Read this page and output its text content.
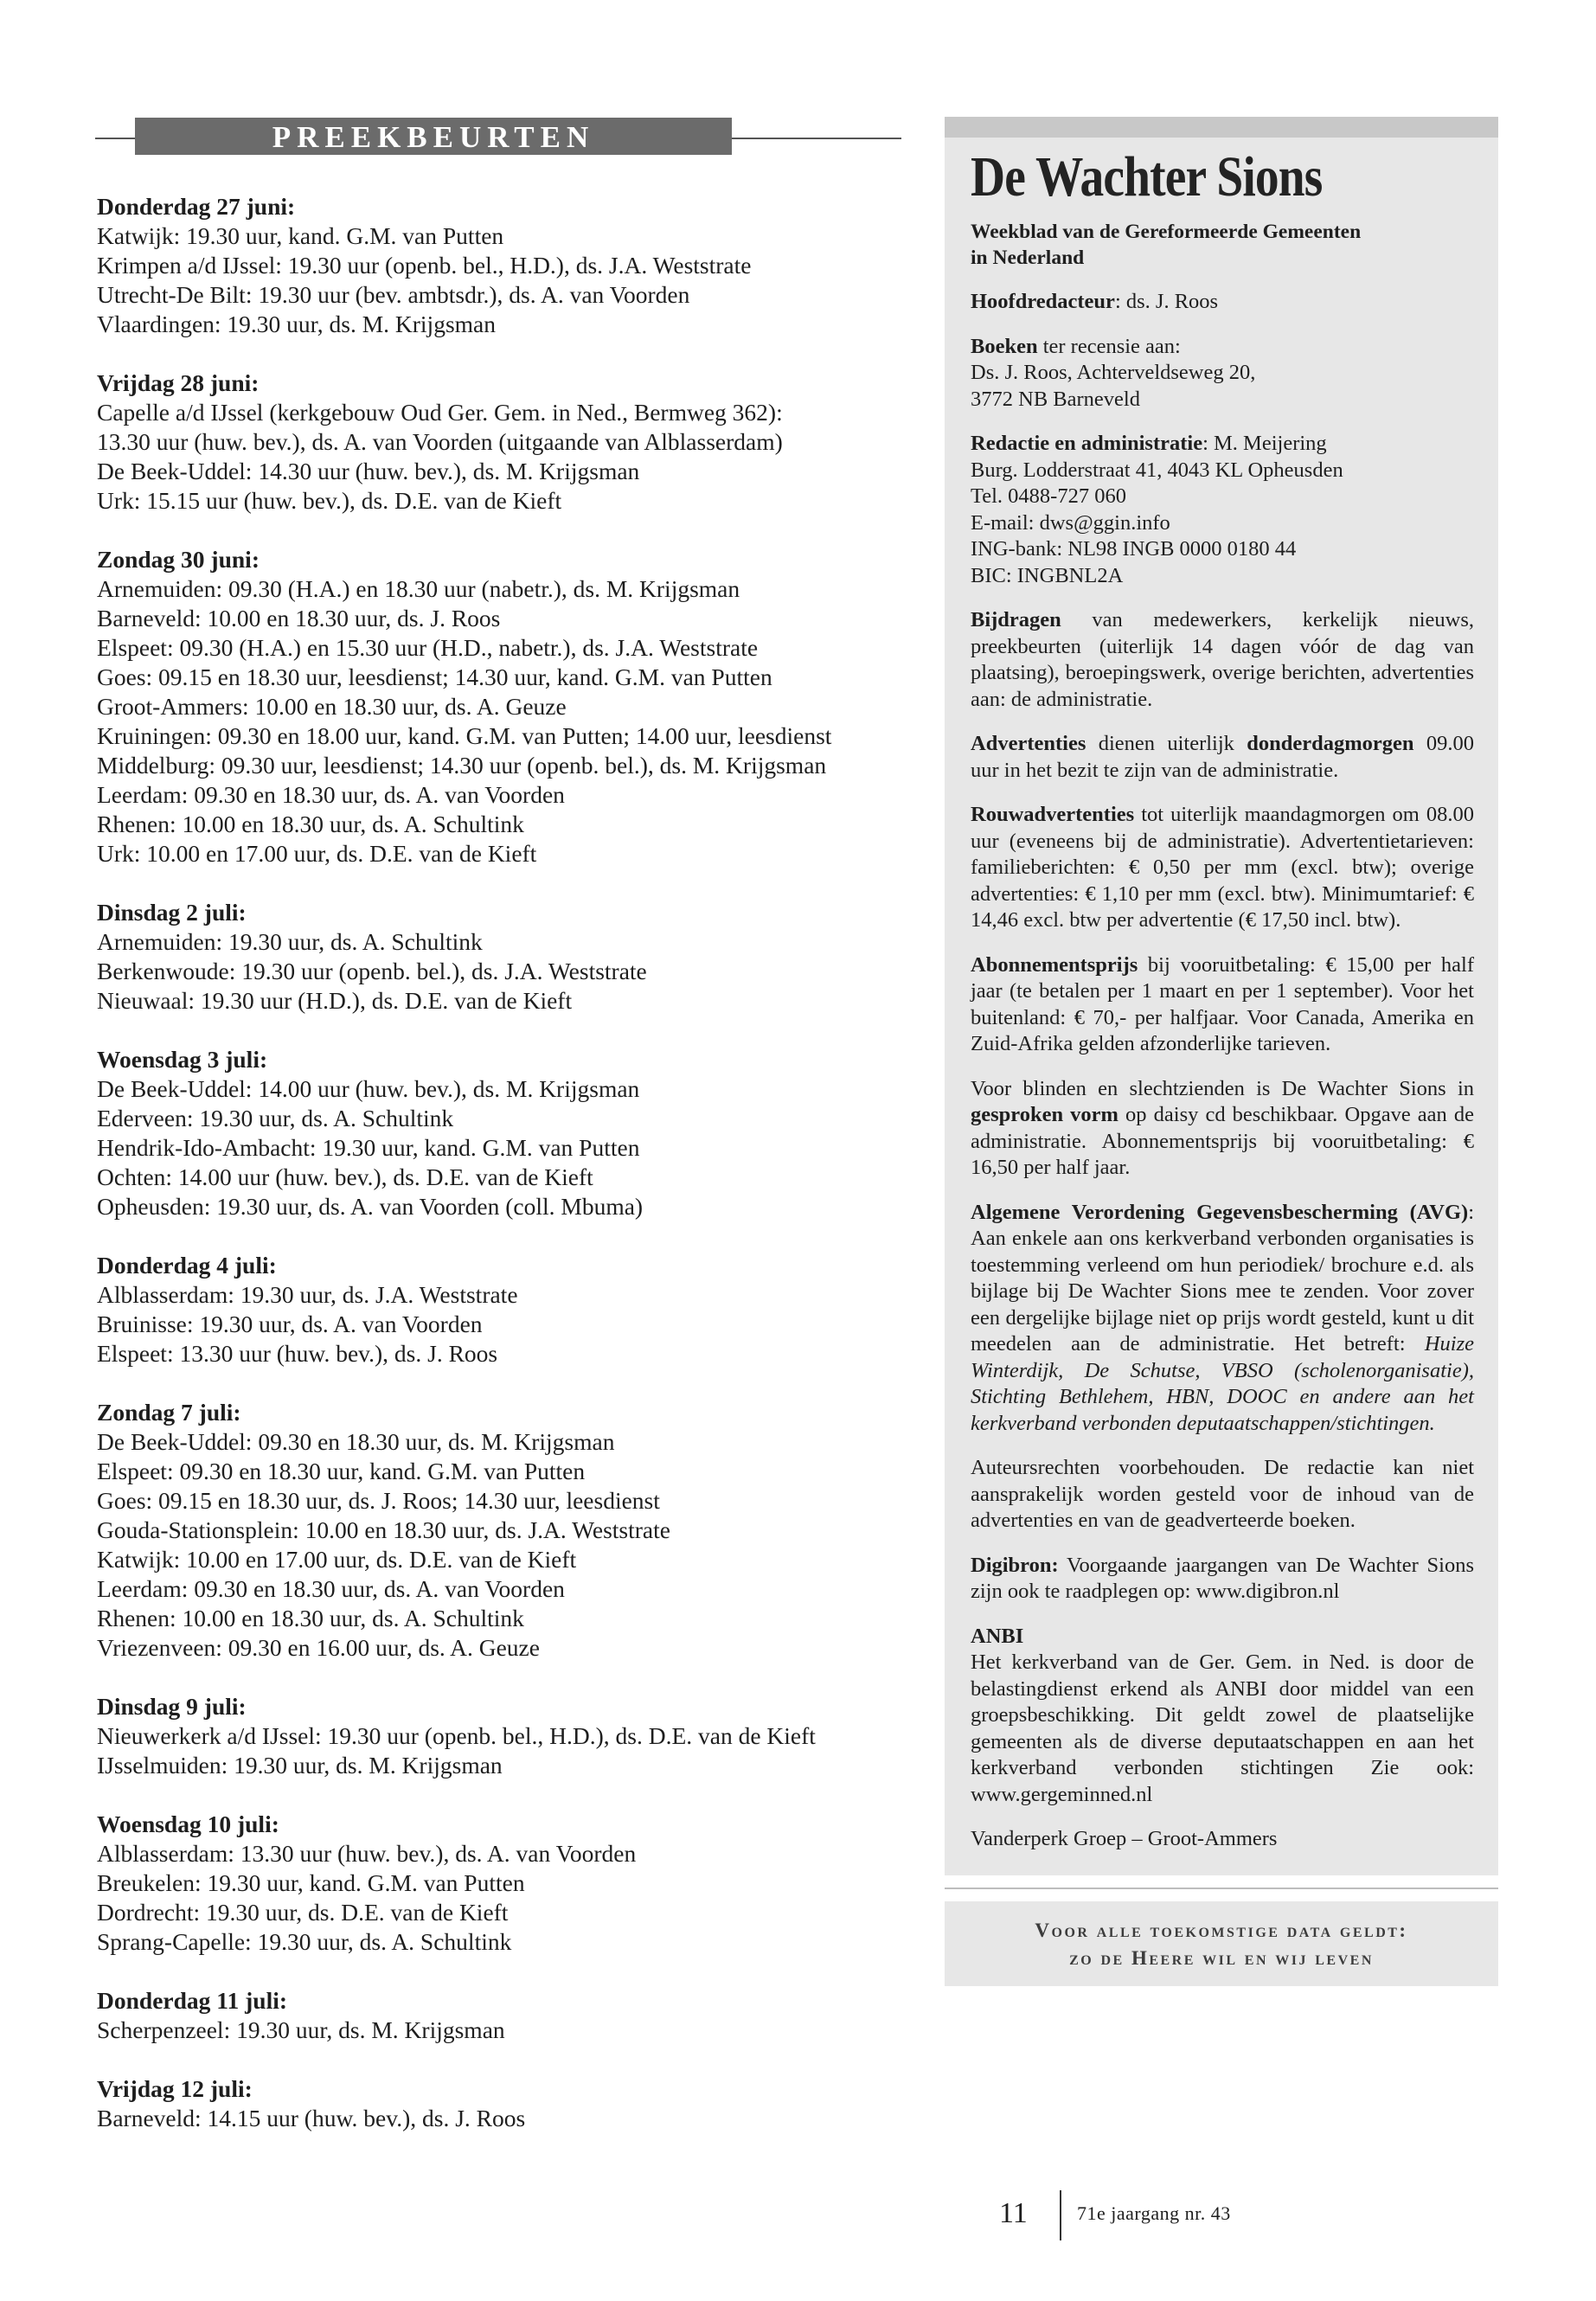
PREEKBEURTEN
Donderdag 27 juni:
Katwijk: 19.30 uur, kand. G.M. van Putten
Krimpen a/d IJssel: 19.30 uur (openb. bel., H.D.), ds. J.A. Weststrate
Utrecht-De Bilt: 19.30 uur (bev. ambtsdr.), ds. A. van Voorden
Vlaardingen: 19.30 uur, ds. M. Krijgsman
Vrijdag 28 juni:
Capelle a/d IJssel (kerkgebouw Oud Ger. Gem. in Ned., Bermweg 362):
13.30 uur (huw. bev.), ds. A. van Voorden (uitgaande van Alblasserdam)
De Beek-Uddel: 14.30 uur (huw. bev.), ds. M. Krijgsman
Urk: 15.15 uur (huw. bev.), ds. D.E. van de Kieft
Zondag 30 juni:
Arnemuiden: 09.30 (H.A.) en 18.30 uur (nabetr.), ds. M. Krijgsman
Barneveld: 10.00 en 18.30 uur, ds. J. Roos
Elspeet: 09.30 (H.A.) en 15.30 uur (H.D., nabetr.), ds. J.A. Weststrate
Goes: 09.15 en 18.30 uur, leesdienst; 14.30 uur, kand. G.M. van Putten
Groot-Ammers: 10.00 en 18.30 uur, ds. A. Geuze
Kruiningen: 09.30 en 18.00 uur, kand. G.M. van Putten; 14.00 uur, leesdienst
Middelburg: 09.30 uur, leesdienst; 14.30 uur (openb. bel.), ds. M. Krijgsman
Leerdam: 09.30 en 18.30 uur, ds. A. van Voorden
Rhenen: 10.00 en 18.30 uur, ds. A. Schultink
Urk: 10.00 en 17.00 uur, ds. D.E. van de Kieft
Dinsdag 2 juli:
Arnemuiden: 19.30 uur, ds. A. Schultink
Berkenwoude: 19.30 uur (openb. bel.), ds. J.A. Weststrate
Nieuwaal: 19.30 uur (H.D.), ds. D.E. van de Kieft
Woensdag 3 juli:
De Beek-Uddel: 14.00 uur (huw. bev.), ds. M. Krijgsman
Ederveen: 19.30 uur, ds. A. Schultink
Hendrik-Ido-Ambacht: 19.30 uur, kand. G.M. van Putten
Ochten: 14.00 uur (huw. bev.), ds. D.E. van de Kieft
Opheusden: 19.30 uur, ds. A. van Voorden (coll. Mbuma)
Donderdag 4 juli:
Alblasserdam: 19.30 uur, ds. J.A. Weststrate
Bruinisse: 19.30 uur, ds. A. van Voorden
Elspeet: 13.30 uur (huw. bev.), ds. J. Roos
Zondag 7 juli:
De Beek-Uddel: 09.30 en 18.30 uur, ds. M. Krijgsman
Elspeet: 09.30 en 18.30 uur, kand. G.M. van Putten
Goes: 09.15 en 18.30 uur, ds. J. Roos; 14.30 uur, leesdienst
Gouda-Stationsplein: 10.00 en 18.30 uur, ds. J.A. Weststrate
Katwijk: 10.00 en 17.00 uur, ds. D.E. van de Kieft
Leerdam: 09.30 en 18.30 uur, ds. A. van Voorden
Rhenen: 10.00 en 18.30 uur, ds. A. Schultink
Vriezenveen: 09.30 en 16.00 uur, ds. A. Geuze
Dinsdag 9 juli:
Nieuwerkerk a/d IJssel: 19.30 uur (openb. bel., H.D.), ds. D.E. van de Kieft
IJsselmuiden: 19.30 uur, ds. M. Krijgsman
Woensdag 10 juli:
Alblasserdam: 13.30 uur (huw. bev.), ds. A. van Voorden
Breukelen: 19.30 uur, kand. G.M. van Putten
Dordrecht: 19.30 uur, ds. D.E. van de Kieft
Sprang-Capelle: 19.30 uur, ds. A. Schultink
Donderdag 11 juli:
Scherpenzeel: 19.30 uur, ds. M. Krijgsman
Vrijdag 12 juli:
Barneveld: 14.15 uur (huw. bev.), ds. J. Roos
De Wachter Sions
Weekblad van de Gereformeerde Gemeenten
in Nederland
Hoofdredacteur: ds. J. Roos
Boeken ter recensie aan:
Ds. J. Roos, Achterveldseweg 20,
3772 NB Barneveld
Redactie en administratie: M. Meijering
Burg. Lodderstraat 41, 4043 KL Opheusden
Tel. 0488-727 060
E-mail: dws@ggin.info
ING-bank: NL98 INGB 0000 0180 44
BIC: INGBNL2A
Bijdragen van medewerkers, kerkelijk nieuws, preekbeurten (uiterlijk 14 dagen vóór de dag van plaatsing), beroepingswerk, overige berichten, advertenties aan: de administratie.
Advertenties dienen uiterlijk donderdagmorgen 09.00 uur in het bezit te zijn van de administratie.
Rouwadvertenties tot uiterlijk maandagmorgen om 08.00 uur (eveneens bij de administratie). Advertentietarieven: familieberichten: € 0,50 per mm (excl. btw); overige advertenties: € 1,10 per mm (excl. btw). Minimumtarief: € 14,46 excl. btw per advertentie (€ 17,50 incl. btw).
Abonnementsprijs bij vooruitbetaling: € 15,00 per half jaar (te betalen per 1 maart en per 1 september). Voor het buitenland: € 70,- per halfjaar. Voor Canada, Amerika en Zuid-Afrika gelden afzonderlijke tarieven.
Voor blinden en slechtzienden is De Wachter Sions in gesproken vorm op daisy cd beschikbaar. Opgave aan de administratie. Abonnementsprijs bij vooruitbetaling: € 16,50 per half jaar.
Algemene Verordening Gegevensbescherming (AVG): Aan enkele aan ons kerkverband verbonden organisaties is toestemming verleend om hun periodiek/ brochure e.d. als bijlage bij De Wachter Sions mee te zenden. Voor zover een dergelijke bijlage niet op prijs wordt gesteld, kunt u dit meedelen aan de administratie. Het betreft: Huize Winterdijk, De Schutse, VBSO (scholenorganisatie), Stichting Bethlehem, HBN, DOOC en andere aan het kerkverband verbonden deputaatschappen/stichtingen.
Auteursrechten voorbehouden. De redactie kan niet aansprakelijk worden gesteld voor de inhoud van de advertenties en van de geadverteerde boeken.
Digibron: Voorgaande jaargangen van De Wachter Sions zijn ook te raadplegen op: www.digibron.nl
ANBI
Het kerkverband van de Ger. Gem. in Ned. is door de belastingdienst erkend als ANBI door middel van een groepsbeschikking. Dit geldt zowel de plaatselijke gemeenten als de diverse deputaatschappen en aan het kerkverband verbonden stichtingen Zie ook: www.gergeminned.nl
Vanderperk Groep – Groot-Ammers
Voor alle toekomstige data geldt:
zo de Heere wil en wij leven
11	71e jaargang nr. 43
